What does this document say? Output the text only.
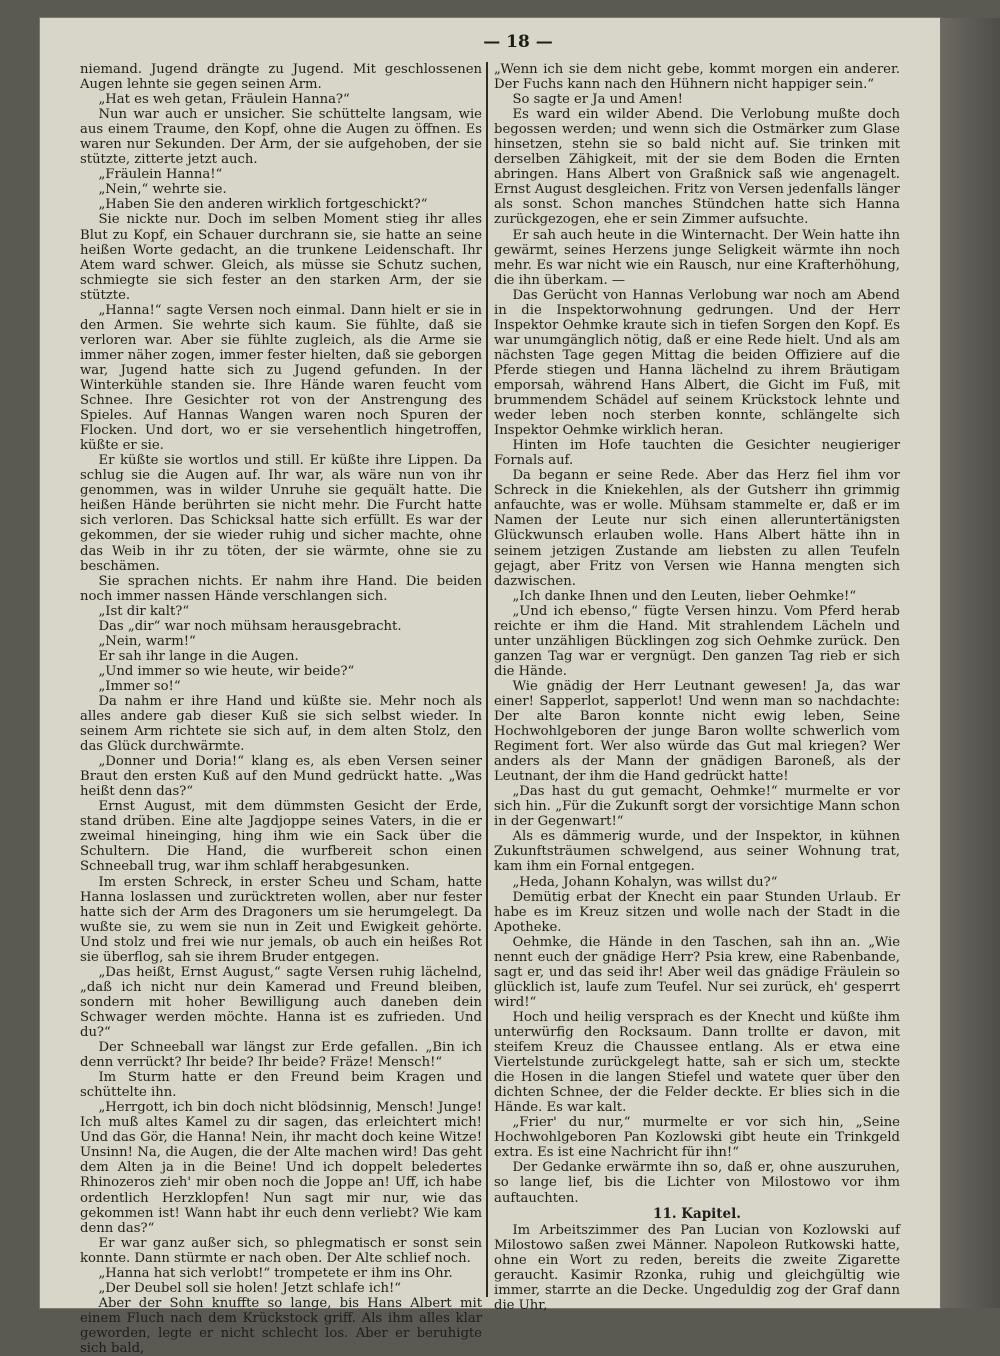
— 18 —

niemand. Jugend drängte zu Jugend. Mit geschlossenen Augen lehnte sie gegen seinen Arm.

„Hat es weh getan, Fräulein Hanna?“

Nun war auch er unsicher. Sie schüttelte langsam, wie aus einem Traume, den Kopf, ohne die Augen zu öffnen. Es waren nur Sekunden. Der Arm, der sie aufgehoben, der sie stützte, zitterte jetzt auch.

„Fräulein Hanna!“

„Nein,“ wehrte sie.

„Haben Sie den anderen wirklich fortgeschickt?“

Sie nickte nur. Doch im selben Moment stieg ihr alles Blut zu Kopf, ein Schauer durchrann sie, sie hatte an seine heißen Worte gedacht, an die trunkene Leidenschaft. Ihr Atem ward schwer. Gleich, als müsse sie Schutz suchen, schmiegte sie sich fester an den starken Arm, der sie stützte.

„Hanna!“ sagte Versen noch einmal. Dann hielt er sie in den Armen. Sie wehrte sich kaum. Sie fühlte, daß sie verloren war. Aber sie fühlte zugleich, als die Arme sie immer näher zogen, immer fester hielten, daß sie geborgen war, Jugend hatte sich zu Jugend gefunden. In der Winterkühle standen sie. Ihre Hände waren feucht vom Schnee. Ihre Gesichter rot von der Anstrengung des Spieles. Auf Hannas Wangen waren noch Spuren der Flocken. Und dort, wo er sie versehentlich hingetroffen, küßte er sie.

Er küßte sie wortlos und still. Er küßte ihre Lippen. Da schlug sie die Augen auf. Ihr war, als wäre nun von ihr genommen, was in wilder Unruhe sie gequält hatte. Die heißen Hände berührten sie nicht mehr. Die Furcht hatte sich verloren. Das Schicksal hatte sich erfüllt. Es war der gekommen, der sie wieder ruhig und sicher machte, ohne das Weib in ihr zu töten, der sie wärmte, ohne sie zu beschämen.

Sie sprachen nichts. Er nahm ihre Hand. Die beiden noch immer nassen Hände verschlangen sich.

„Ist dir kalt?“

Das „dir“ war noch mühsam herausgebracht.

„Nein, warm!“

Er sah ihr lange in die Augen.

„Und immer so wie heute, wir beide?“

„Immer so!“

Da nahm er ihre Hand und küßte sie. Mehr noch als alles andere gab dieser Kuß sie sich selbst wieder. In seinem Arm richtete sie sich auf, in dem alten Stolz, den das Glück durchwärmte.

„Donner und Doria!“ klang es, als eben Versen seiner Braut den ersten Kuß auf den Mund gedrückt hatte. „Was heißt denn das?“

Ernst August, mit dem dümmsten Gesicht der Erde, stand drüben. Eine alte Jagdjoppe seines Vaters, in die er zweimal hineinging, hing ihm wie ein Sack über die Schultern. Die Hand, die wurfbereit schon einen Schneeball trug, war ihm schlaff herabgesunken.

Im ersten Schreck, in erster Scheu und Scham, hatte Hanna loslassen und zurücktreten wollen, aber nur fester hatte sich der Arm des Dragoners um sie herumgelegt. Da wußte sie, zu wem sie nun in Zeit und Ewigkeit gehörte. Und stolz und frei wie nur jemals, ob auch ein heißes Rot sie überflog, sah sie ihrem Bruder entgegen.

„Das heißt, Ernst August,“ sagte Versen ruhig lächelnd, „daß ich nicht nur dein Kamerad und Freund bleiben, sondern mit hoher Bewilligung auch daneben dein Schwager werden möchte. Hanna ist es zufrieden. Und du?“

Der Schneeball war längst zur Erde gefallen. „Bin ich denn verrückt? Ihr beide? Ihr beide? Fräze! Mensch!“

Im Sturm hatte er den Freund beim Kragen und schüttelte ihn.

„Herrgott, ich bin doch nicht blödsinnig, Mensch! Junge! Ich muß altes Kamel zu dir sagen, das erleichtert mich! Und das Gör, die Hanna! Nein, ihr macht doch keine Witze! Unsinn! Na, die Augen, die der Alte machen wird! Das geht dem Alten ja in die Beine! Und ich doppelt beledertes Rhinozeros zieh' mir oben noch die Joppe an! Uff, ich habe ordentlich Herzklopfen! Nun sagt mir nur, wie das gekommen ist! Wann habt ihr euch denn verliebt? Wie kam denn das?“

Er war ganz außer sich, so phlegmatisch er sonst sein konnte. Dann stürmte er nach oben. Der Alte schlief noch.

„Hanna hat sich verlobt!“ trompetete er ihm ins Ohr.

„Der Deubel soll sie holen! Jetzt schlafe ich!“

Aber der Sohn knuffte so lange, bis Hans Albert mit einem Fluch nach dem Krückstock griff. Als ihm alles klar geworden, legte er nicht schlecht los. Aber er beruhigte sich bald,

„Wenn ich sie dem nicht gebe, kommt morgen ein anderer. Der Fuchs kann nach den Hühnern nicht happiger sein.“

So sagte er Ja und Amen!

Es ward ein wilder Abend. Die Verlobung mußte doch begossen werden; und wenn sich die Ostmärker zum Glase hinsetzen, stehn sie so bald nicht auf. Sie trinken mit derselben Zähigkeit, mit der sie dem Boden die Ernten abringen. Hans Albert von Graßnick saß wie angenagelt. Ernst August desgleichen. Fritz von Versen jedenfalls länger als sonst. Schon manches Stündchen hatte sich Hanna zurückgezogen, ehe er sein Zimmer aufsuchte.

Er sah auch heute in die Winternacht. Der Wein hatte ihn gewärmt, seines Herzens junge Seligkeit wärmte ihn noch mehr. Es war nicht wie ein Rausch, nur eine Krafterhöhung, die ihn überkam. —

Das Gerücht von Hannas Verlobung war noch am Abend in die Inspektorwohnung gedrungen. Und der Herr Inspektor Oehmke kraute sich in tiefen Sorgen den Kopf. Es war unumgänglich nötig, daß er eine Rede hielt. Und als am nächsten Tage gegen Mittag die beiden Offiziere auf die Pferde stiegen und Hanna lächelnd zu ihrem Bräutigam emporsah, während Hans Albert, die Gicht im Fuß, mit brummendem Schädel auf seinem Krückstock lehnte und weder leben noch sterben konnte, schlängelte sich Inspektor Oehmke wirklich heran.

Hinten im Hofe tauchten die Gesichter neugieriger Fornals auf.

Da begann er seine Rede. Aber das Herz fiel ihm vor Schreck in die Kniekehlen, als der Gutsherr ihn grimmig anfauchte, was er wolle. Mühsam stammelte er, daß er im Namen der Leute nur sich einen alleruntertänigsten Glückwunsch erlauben wolle. Hans Albert hätte ihn in seinem jetzigen Zustande am liebsten zu allen Teufeln gejagt, aber Fritz von Versen wie Hanna mengten sich dazwischen.

„Ich danke Ihnen und den Leuten, lieber Oehmke!“

„Und ich ebenso,“ fügte Versen hinzu. Vom Pferd herab reichte er ihm die Hand. Mit strahlendem Lächeln und unter unzähligen Bücklingen zog sich Oehmke zurück. Den ganzen Tag war er vergnügt. Den ganzen Tag rieb er sich die Hände.

Wie gnädig der Herr Leutnant gewesen! Ja, das war einer! Sapperlot, sapperlot! Und wenn man so nachdachte: Der alte Baron konnte nicht ewig leben, Seine Hochwohlgeboren der junge Baron wollte schwerlich vom Regiment fort. Wer also würde das Gut mal kriegen? Wer anders als der Mann der gnädigen Baroneß, als der Leutnant, der ihm die Hand gedrückt hatte!

„Das hast du gut gemacht, Oehmke!“ murmelte er vor sich hin. „Für die Zukunft sorgt der vorsichtige Mann schon in der Gegenwart!“

Als es dämmerig wurde, und der Inspektor, in kühnen Zukunftsträumen schwelgend, aus seiner Wohnung trat, kam ihm ein Fornal entgegen.

„Heda, Johann Kohalyn, was willst du?“

Demütig erbat der Knecht ein paar Stunden Urlaub. Er habe es im Kreuz sitzen und wolle nach der Stadt in die Apotheke.

Oehmke, die Hände in den Taschen, sah ihn an. „Wie nennt euch der gnädige Herr? Psia krew, eine Rabenbande, sagt er, und das seid ihr! Aber weil das gnädige Fräulein so glücklich ist, laufe zum Teufel. Nur sei zurück, eh' gesperrt wird!“

Hoch und heilig versprach es der Knecht und küßte ihm unterwürfig den Rocksaum. Dann trollte er davon, mit steifem Kreuz die Chaussee entlang. Als er etwa eine Viertelstunde zurückgelegt hatte, sah er sich um, steckte die Hosen in die langen Stiefel und watete quer über den dichten Schnee, der die Felder deckte. Er blies sich in die Hände. Es war kalt.

„Frier' du nur,“ murmelte er vor sich hin, „Seine Hochwohlgeboren Pan Kozlowski gibt heute ein Trinkgeld extra. Es ist eine Nachricht für ihn!“

Der Gedanke erwärmte ihn so, daß er, ohne auszuruhen, so lange lief, bis die Lichter von Milostowo vor ihm auftauchten.

11. Kapitel.

Im Arbeitszimmer des Pan Lucian von Kozlowski auf Milostowo saßen zwei Männer. Napoleon Rutkowski hatte, ohne ein Wort zu reden, bereits die zweite Zigarette geraucht. Kasimir Rzonka, ruhig und gleichgültig wie immer, starrte an die Decke. Ungeduldig zog der Graf dann die Uhr,
